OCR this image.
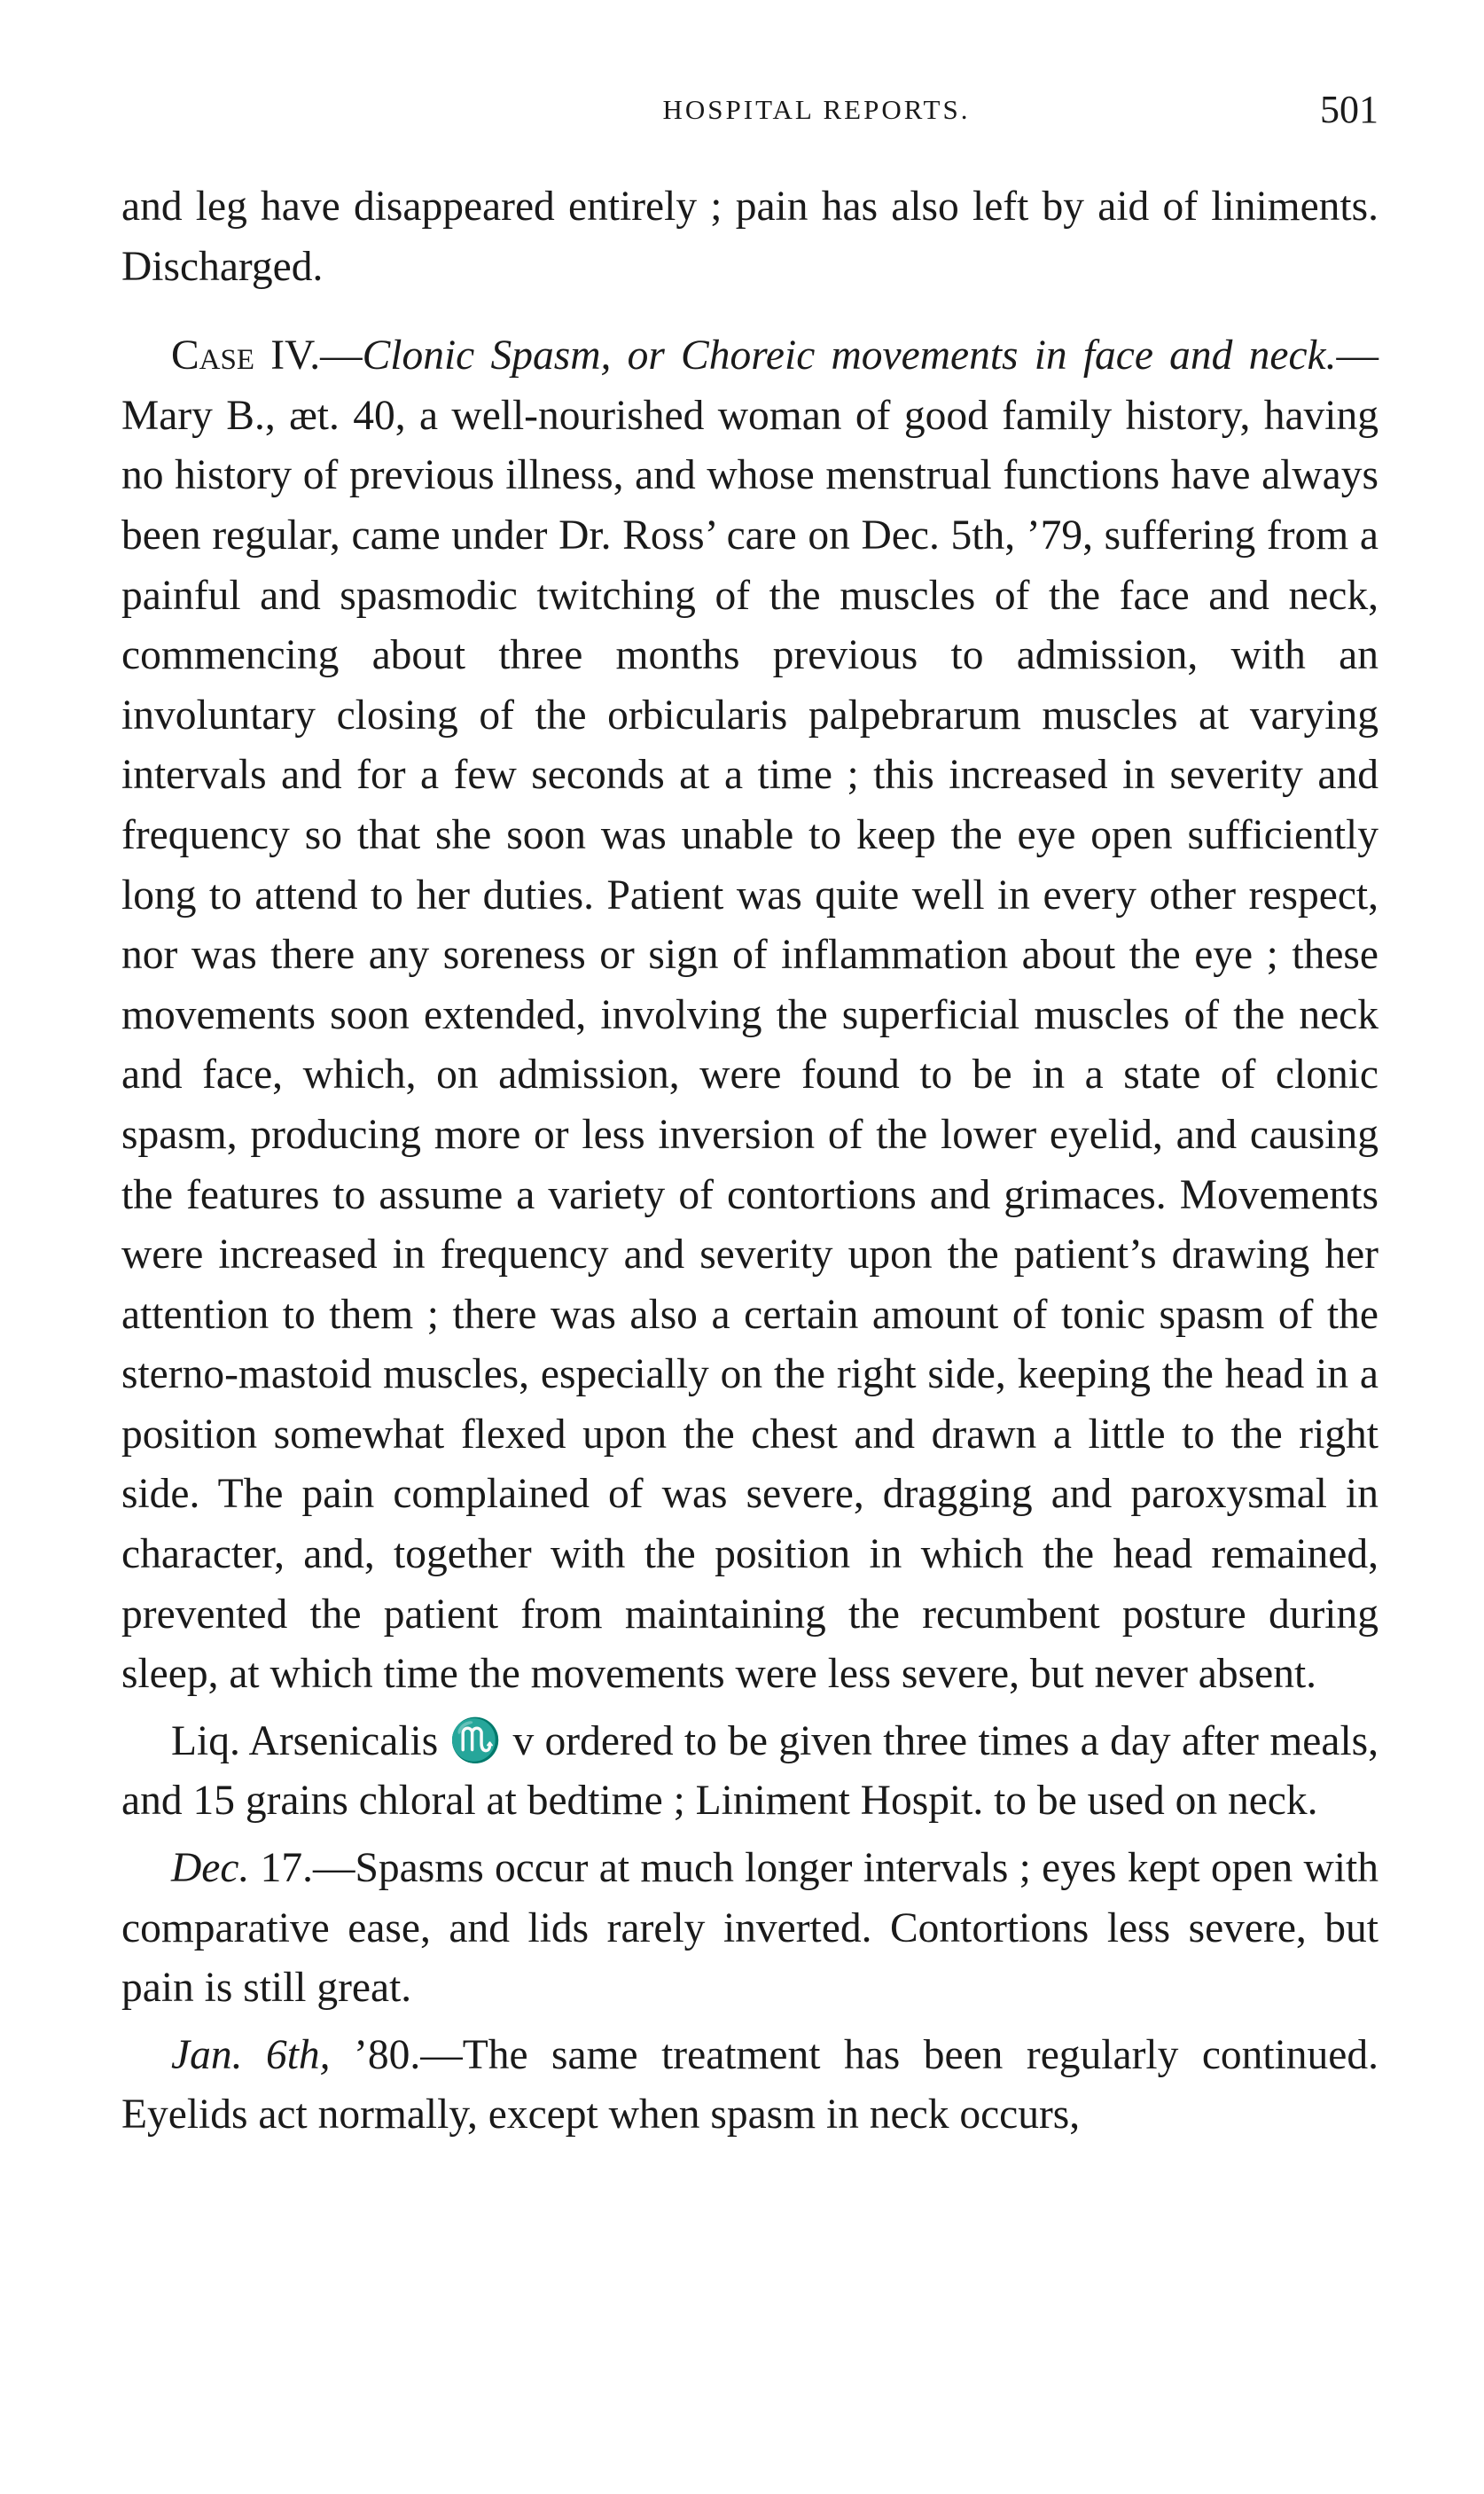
HOSPITAL REPORTS.	501

and leg have disappeared entirely ; pain has also left by aid of liniments. Discharged.

Case IV.—Clonic Spasm, or Choreic movements in face and neck.—Mary B., æt. 40, a well-nourished woman of good family history, having no history of previous illness, and whose menstrual functions have always been regular, came under Dr. Ross’ care on Dec. 5th, ’79, suffering from a painful and spasmodic twitching of the muscles of the face and neck, commencing about three months previous to admission, with an involuntary closing of the orbicularis palpebrarum muscles at varying intervals and for a few seconds at a time ; this increased in severity and frequency so that she soon was unable to keep the eye open sufficiently long to attend to her duties. Patient was quite well in every other respect, nor was there any soreness or sign of inflammation about the eye ; these movements soon extended, involving the superficial muscles of the neck and face, which, on admission, were found to be in a state of clonic spasm, producing more or less inversion of the lower eyelid, and causing the features to assume a variety of contortions and grimaces. Movements were increased in frequency and severity upon the patient’s drawing her attention to them ; there was also a certain amount of tonic spasm of the sterno-mastoid muscles, especially on the right side, keeping the head in a position somewhat flexed upon the chest and drawn a little to the right side. The pain complained of was severe, dragging and paroxysmal in character, and, together with the position in which the head remained, prevented the patient from maintaining the recumbent posture during sleep, at which time the movements were less severe, but never absent.

Liq. Arsenicalis ♏ v ordered to be given three times a day after meals, and 15 grains chloral at bedtime ; Liniment Hospit. to be used on neck.

Dec. 17.—Spasms occur at much longer intervals ; eyes kept open with comparative ease, and lids rarely inverted. Contortions less severe, but pain is still great.

Jan. 6th, ’80.—The same treatment has been regularly continued. Eyelids act normally, except when spasm in neck occurs,
